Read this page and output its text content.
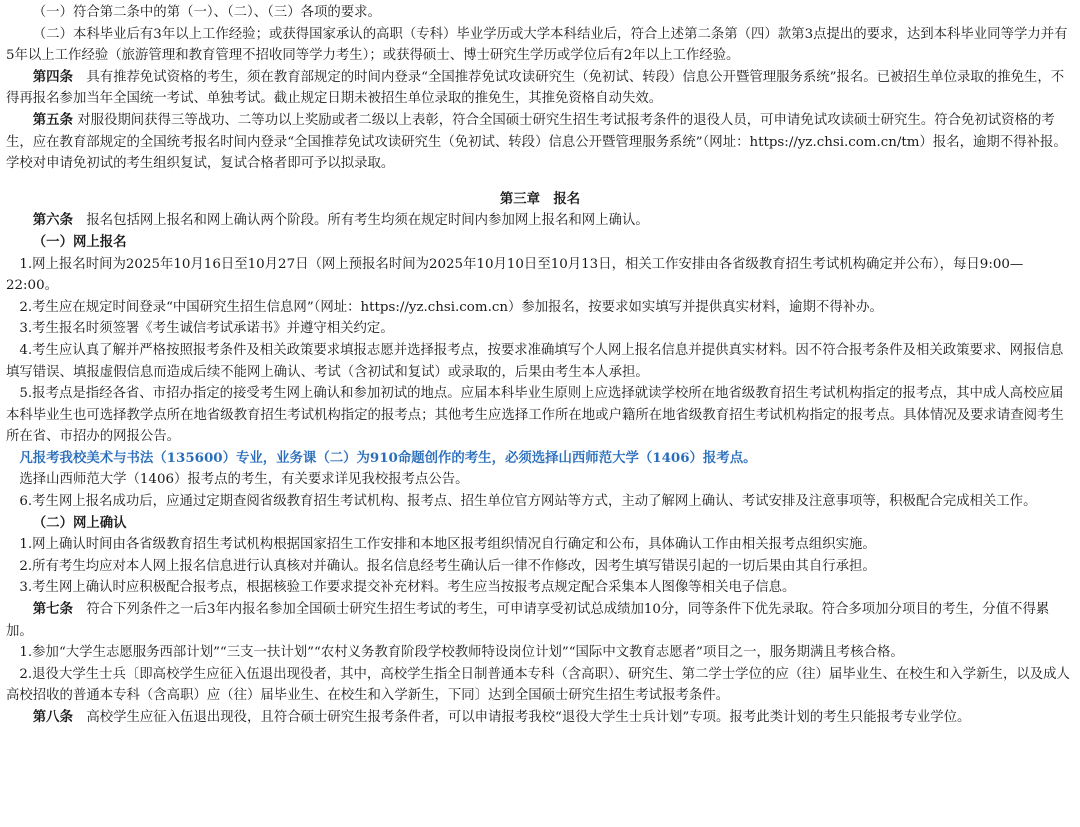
（一）符合第二条中的第（一）、（二）、（三）各项的要求。

（二）本科毕业后有3年以上工作经验；或获得国家承认的高职（专科）毕业学历或大学本科结业后，符合上述第二条第（四）款第3点提出的要求，达到本科毕业同等学力并有5年以上工作经验（旅游管理和教育管理不招收同等学力考生）；或获得硕士、博士研究生学历或学位后有2年以上工作经验。

第四条　具有推荐免试资格的考生，须在教育部规定的时间内登录“全国推荐免试攻读研究生（免初试、转段）信息公开暨管理服务系统”报名。已被招生单位录取的推免生，不得再报名参加当年全国统一考试、单独考试。截止规定日期未被招生单位录取的推免生，其推免资格自动失效。

第五条 对服役期间获得三等战功、二等功以上奖励或者二级以上表彰，符合全国硕士研究生招生考试报考条件的退役人员，可申请免试攻读硕士研究生。符合免初试资格的考生，应在教育部规定的全国统考报名时间内登录“全国推荐免试攻读研究生（免初试、转段）信息公开暨管理服务系统”（网址：https://yz.chsi.com.cn/tm）报名，逾期不得补报。学校对申请免初试的考生组织复试，复试合格者即可予以拟录取。

第三章　报名

第六条　报名包括网上报名和网上确认两个阶段。所有考生均须在规定时间内参加网上报名和网上确认。

（一）网上报名

1.网上报名时间为2025年10月16日至10月27日（网上预报名时间为2025年10月10日至10月13日，相关工作安排由各省级教育招生考试机构确定并公布），每日9:00—22:00。

2.考生应在规定时间登录“中国研究生招生信息网”（网址：https://yz.chsi.com.cn）参加报名，按要求如实填写并提供真实材料，逾期不得补办。

3.考生报名时须签署《考生诚信考试承诺书》并遵守相关约定。

4.考生应认真了解并严格按照报考条件及相关政策要求填报志愿并选择报考点，按要求准确填写个人网上报名信息并提供真实材料。因不符合报考条件及相关政策要求、网报信息填写错误、填报虚假信息而造成后续不能网上确认、考试（含初试和复试）或录取的，后果由考生本人承担。

5.报考点是指经各省、市招办指定的接受考生网上确认和参加初试的地点。应届本科毕业生原则上应选择就读学校所在地省级教育招生考试机构指定的报考点，其中成人高校应届本科毕业生也可选择教学点所在地省级教育招生考试机构指定的报考点；其他考生应选择工作所在地或户籍所在地省级教育招生考试机构指定的报考点。具体情况及要求请查阅考生所在省、市招办的网报公告。

凡报考我校美术与书法（135600）专业，业务课（二）为910命题创作的考生，必须选择山西师范大学（1406）报考点。

选择山西师范大学（1406）报考点的考生，有关要求详见我校报考点公告。

6.考生网上报名成功后，应通过定期查阅省级教育招生考试机构、报考点、招生单位官方网站等方式，主动了解网上确认、考试安排及注意事项等，积极配合完成相关工作。

（二）网上确认

1.网上确认时间由各省级教育招生考试机构根据国家招生工作安排和本地区报考组织情况自行确定和公布，具体确认工作由相关报考点组织实施。

2.所有考生均应对本人网上报名信息进行认真核对并确认。报名信息经考生确认后一律不作修改，因考生填写错误引起的一切后果由其自行承担。

3.考生网上确认时应积极配合报考点，根据核验工作要求提交补充材料。考生应当按报考点规定配合采集本人图像等相关电子信息。

第七条　符合下列条件之一后3年内报名参加全国硕士研究生招生考试的考生，可申请享受初试总成绩加10分，同等条件下优先录取。符合多项加分项目的考生，分值不得累加。

1.参加“大学生志愿服务西部计划”“三支一扶计划”“农村义务教育阶段学校教师特设岗位计划”“国际中文教育志愿者”项目之一，服务期满且考核合格。

2.退役大学生士兵〔即高校学生应征入伍退出现役者，其中，高校学生指全日制普通本专科（含高职）、研究生、第二学士学位的应（往）届毕业生、在校生和入学新生，以及成人高校招收的普通本专科（含高职）应（往）届毕业生、在校生和入学新生，下同〕达到全国硕士研究生招生考试报考条件。

第八条　高校学生应征入伍退出现役，且符合硕士研究生报考条件者，可以申请报考我校“退役大学生士兵计划”专项。报考此类计划的考生只能报考专业学位。
